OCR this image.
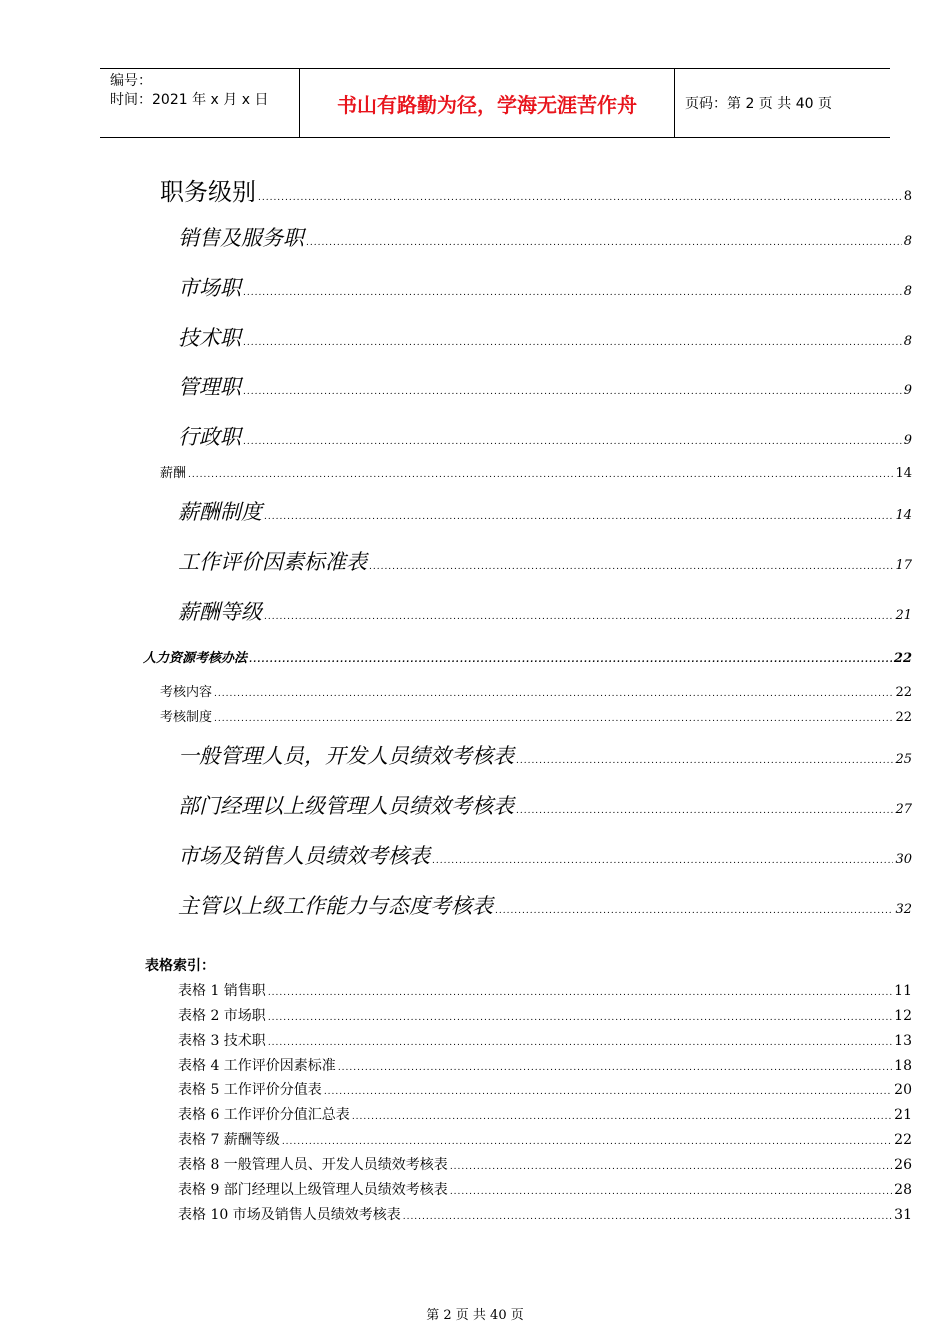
编号：
时间：2021 年 x 月 x 日	书山有路勤为径，学海无涯苦作舟	页码：第 2 页 共 40 页
职务级别 .....	8
销售及服务职 .....	8
市场职 .....	8
技术职 .....	8
管理职 .....	9
行政职 .....	9
薪酬 .....	14
薪酬制度 .....	14
工作评价因素标准表 .....	17
薪酬等级 .....	21
人力资源考核办法 .....	22
考核内容 .....	22
考核制度 .....	22
一般管理人员，开发人员绩效考核表 .....	25
部门经理以上级管理人员绩效考核表 .....	27
市场及销售人员绩效考核表 .....	30
主管以上级工作能力与态度考核表 .....	32
表格索引：
表格 1 销售职 .....	11
表格 2 市场职 .....	12
表格 3 技术职 .....	13
表格 4 工作评价因素标准 .....	18
表格 5 工作评价分值表 .....	20
表格 6 工作评价分值汇总表 .....	21
表格 7 薪酬等级 .....	22
表格 8 一般管理人员、开发人员绩效考核表 .....	26
表格 9 部门经理以上级管理人员绩效考核表 .....	28
表格 10 市场及销售人员绩效考核表 .....	31
第 2 页 共 40 页
